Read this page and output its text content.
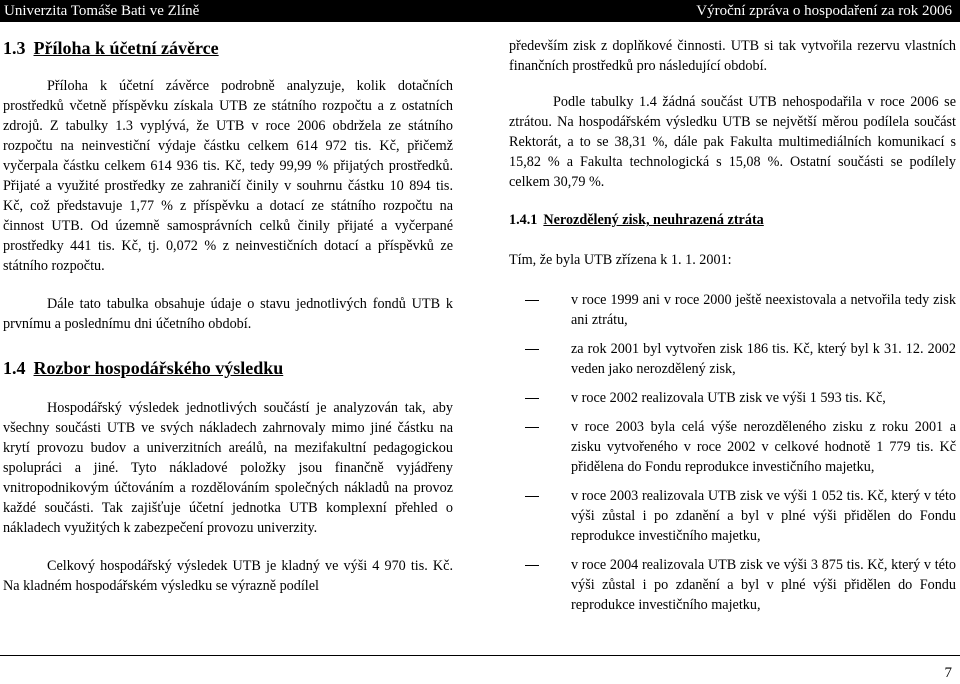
Univerzita Tomáše Bati ve Zlíně	Výroční zpráva o hospodaření za rok 2006
1.3 Příloha k účetní závěrce

Příloha k účetní závěrce podrobně analyzuje, kolik dotačních prostředků včetně příspěvku získala UTB ze státního rozpočtu a z ostatních zdrojů. Z tabulky 1.3 vyplývá, že UTB v roce 2006 obdržela ze státního rozpočtu na neinvestiční výdaje částku celkem 614 972 tis. Kč, přičemž vyčerpala částku celkem 614 936 tis. Kč, tedy 99,99 % přijatých prostředků. Přijaté a využité prostředky ze zahraničí činily v souhrnu částku 10 894 tis. Kč, což představuje 1,77 % z příspěvku a dotací ze státního rozpočtu na činnost UTB. Od územně samosprávních celků činily přijaté a vyčerpané prostředky 441 tis. Kč, tj. 0,072 % z neinvestičních dotací a příspěvků ze státního rozpočtu.

Dále tato tabulka obsahuje údaje o stavu jednotlivých fondů UTB k prvnímu a poslednímu dni účetního období.

1.4 Rozbor hospodářského výsledku

Hospodářský výsledek jednotlivých součástí je analyzován tak, aby všechny součásti UTB ve svých nákladech zahrnovaly mimo jiné částku na krytí provozu budov a univerzitních areálů, na mezifakultní pedagogickou spolupráci a jiné. Tyto nákladové položky jsou finančně vyjádřeny vnitropodnikovým účtováním a rozdělováním společných nákladů na provoz každé součásti. Tak zajišťuje účetní jednotka UTB komplexní přehled o nákladech využitých k zabezpečení provozu univerzity.

Celkový hospodářský výsledek UTB je kladný ve výši 4 970 tis. Kč. Na kladném hospodářském výsledku se výrazně podílel

především zisk z doplňkové činnosti. UTB si tak vytvořila rezervu vlastních finančních prostředků pro následující období.

Podle tabulky 1.4 žádná součást UTB nehospodařila v roce 2006 se ztrátou. Na hospodářském výsledku UTB se největší měrou podílela součást Rektorát, a to se 38,31 %, dále pak Fakulta multimediálních komunikací s 15,82 % a Fakulta technologická s 15,08 %. Ostatní součásti se podílely celkem 30,79 %.

1.4.1 Nerozdělený zisk, neuhrazená ztráta

Tím, že byla UTB zřízena k 1. 1. 2001:

v roce 1999 ani v roce 2000 ještě neexistovala a netvořila tedy zisk ani ztrátu,
za rok 2001 byl vytvořen zisk 186 tis. Kč, který byl k 31. 12. 2002 veden jako nerozdělený zisk,
v roce 2002 realizovala UTB zisk ve výši 1 593 tis. Kč,
v roce 2003 byla celá výše nerozděleného zisku z roku 2001 a zisku vytvořeného v roce 2002 v celkové hodnotě 1 779 tis. Kč přidělena do Fondu reprodukce investičního majetku,
v roce 2003 realizovala UTB zisk ve výši 1 052 tis. Kč, který v této výši zůstal i po zdanění a byl v plné výši přidělen do Fondu reprodukce investičního majetku,
v roce 2004 realizovala UTB zisk ve výši 3 875 tis. Kč, který v této výši zůstal i po zdanění a byl v plné výši přidělen do Fondu reprodukce investičního majetku,
7
